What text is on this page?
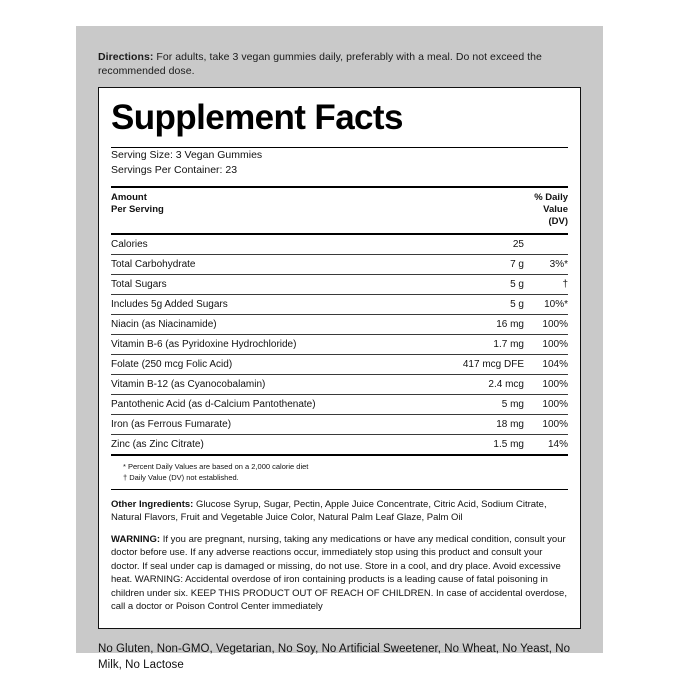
Directions: For adults, take 3 vegan gummies daily, preferably with a meal. Do not exceed the recommended dose.
Supplement Facts
Serving Size: 3 Vegan Gummies
Servings Per Container: 23
Amount
Per Serving
% Daily
Value
(DV)
Calories	25	
Total Carbohydrate	7 g	3%*
Total Sugars	5 g	†
Includes 5g Added Sugars	5 g	10%*
Niacin (as Niacinamide)	16 mg	100%
Vitamin B-6 (as Pyridoxine Hydrochloride)	1.7 mg	100%
Folate (250 mcg Folic Acid)	417 mcg DFE	104%
Vitamin B-12 (as Cyanocobalamin)	2.4 mcg	100%
Pantothenic Acid (as d-Calcium Pantothenate)	5 mg	100%
Iron (as Ferrous Fumarate)	18 mg	100%
Zinc (as Zinc Citrate)	1.5 mg	14%
* Percent Daily Values are based on a 2,000 calorie diet
† Daily Value (DV) not established.
Other Ingredients: Glucose Syrup, Sugar, Pectin, Apple Juice Concentrate, Citric Acid, Sodium Citrate, Natural Flavors, Fruit and Vegetable Juice Color, Natural Palm Leaf Glaze, Palm Oil
WARNING: If you are pregnant, nursing, taking any medications or have any medical condition, consult your doctor before use. If any adverse reactions occur, immediately stop using this product and consult your doctor. If seal under cap is damaged or missing, do not use. Store in a cool, and dry place. Avoid excessive heat. WARNING: Accidental overdose of iron containing products is a leading cause of fatal poisoning in children under six. KEEP THIS PRODUCT OUT OF REACH OF CHILDREN. In case of accidental overdose, call a doctor or Poison Control Center immediately
No Gluten, Non-GMO, Vegetarian, No Soy, No Artificial Sweetener, No Wheat, No Yeast, No Milk, No Lactose
